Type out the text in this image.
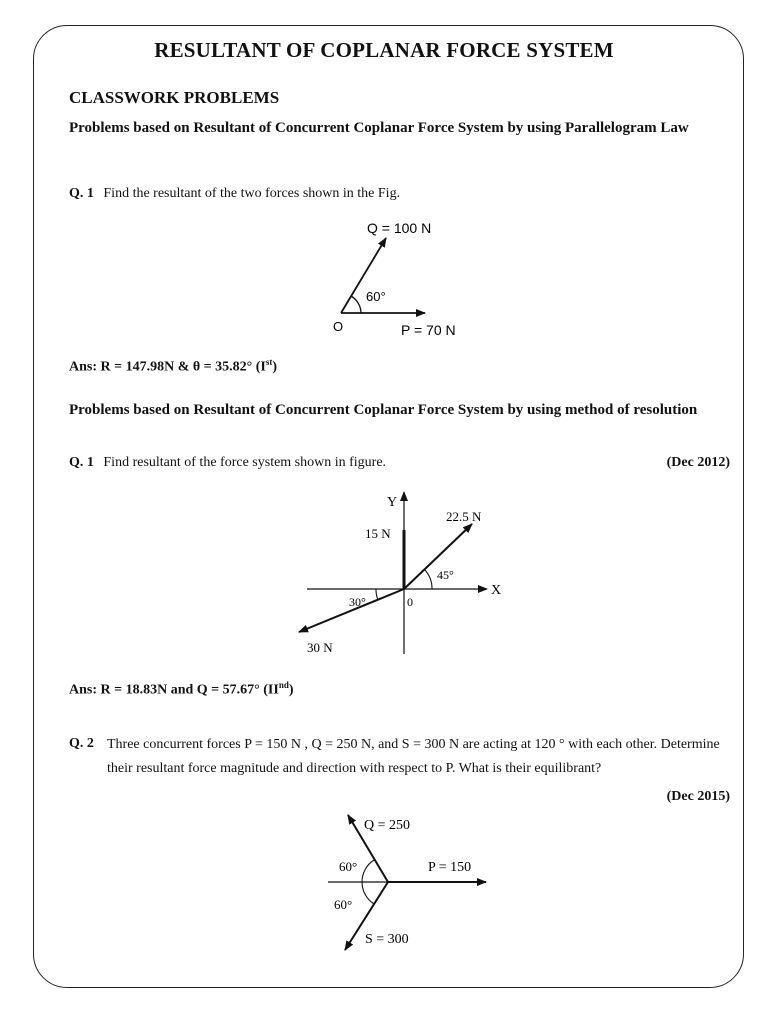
RESULTANT OF COPLANAR FORCE SYSTEM
CLASSWORK PROBLEMS
Problems based on Resultant of Concurrent Coplanar Force System by using Parallelogram Law
Q. 1 Find the resultant of the two forces shown in the Fig.
Q = 100 N
60°
O	P = 70 N
Ans: R = 147.98N & θ = 35.82° (Ist)
Problems based on Resultant of Concurrent Coplanar Force System by using method of resolution
Q. 1 Find resultant of the force system shown in figure.	(Dec 2012)
Y
X
0
15 N
22.5 N
30 N
45°
30°
Ans: R = 18.83N and Q = 57.67° (IInd)
Q. 2 Three concurrent forces P = 150 N , Q = 250 N, and S = 300 N are acting at 120 ° with each other. Determine their resultant force magnitude and direction with respect to P. What is their equilibrant?
(Dec 2015)
Q = 250
P = 150
S = 300
60°
60°
